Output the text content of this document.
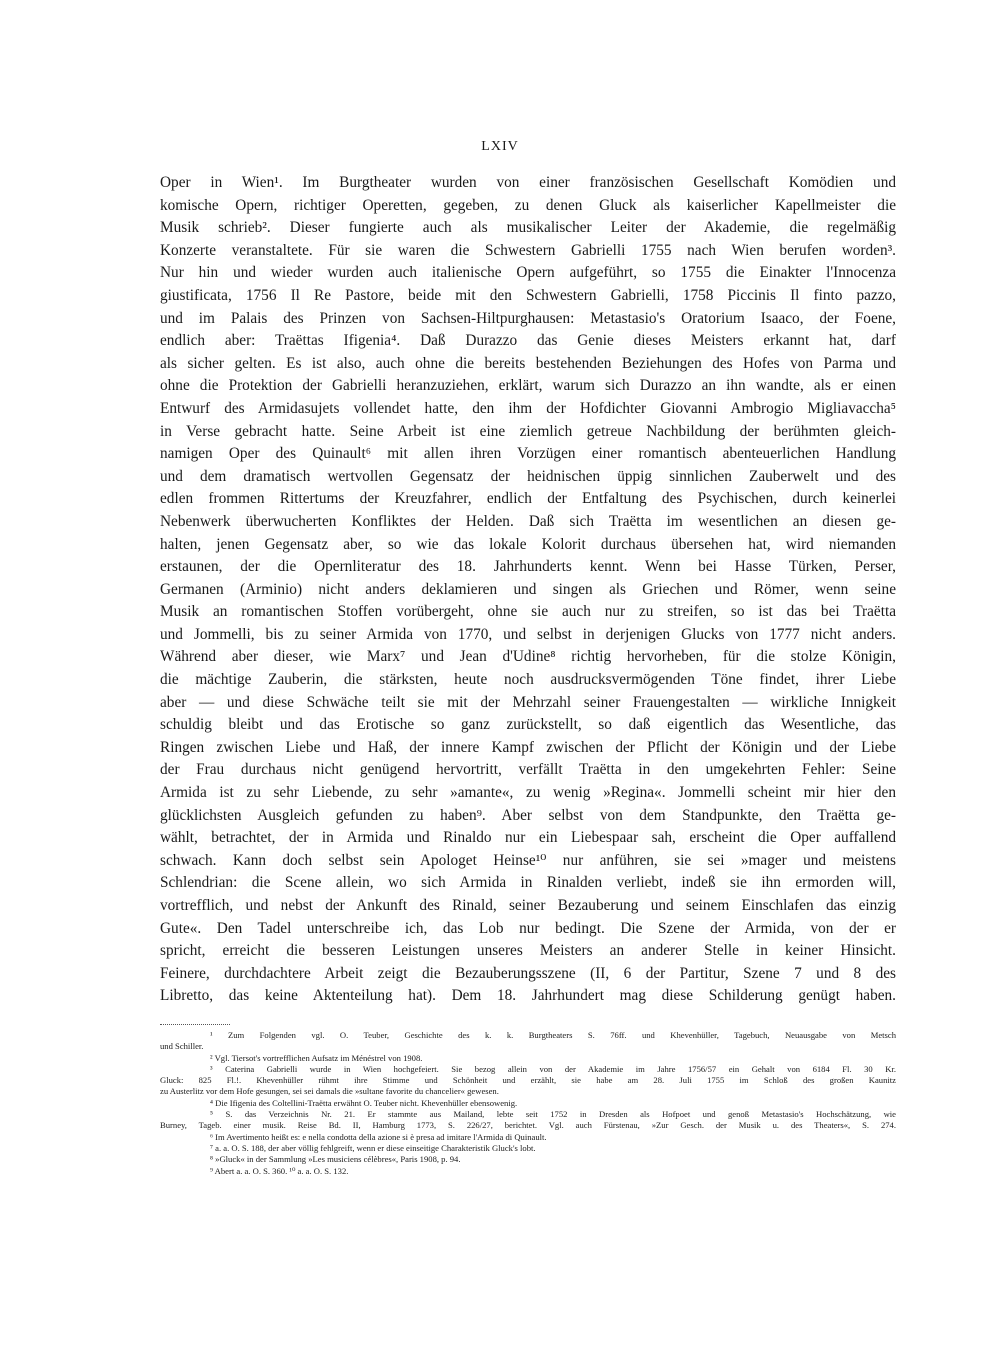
LXIV
Oper in Wien¹. Im Burgtheater wurden von einer französischen Gesellschaft Komödien und
komische Opern, richtiger Operetten, gegeben, zu denen Gluck als kaiserlicher Kapellmeister die
Musik schrieb². Dieser fungierte auch als musikalischer Leiter der Akademie, die regelmäßig
Konzerte veranstaltete. Für sie waren die Schwestern Gabrielli 1755 nach Wien berufen worden³.
Nur hin und wieder wurden auch italienische Opern aufgeführt, so 1755 die Einakter l'Innocenza
giustificata, 1756 Il Re Pastore, beide mit den Schwestern Gabrielli, 1758 Piccinis Il finto pazzo,
und im Palais des Prinzen von Sachsen-Hiltpurghausen: Metastasio's Oratorium Isaaco, der Foene,
endlich aber: Traëttas Ifigenia⁴. Daß Durazzo das Genie dieses Meisters erkannt hat, darf
als sicher gelten. Es ist also, auch ohne die bereits bestehenden Beziehungen des Hofes von Parma und
ohne die Protektion der Gabrielli heranzuziehen, erklärt, warum sich Durazzo an ihn wandte, als er einen
Entwurf des Armidasujets vollendet hatte, den ihm der Hofdichter Giovanni Ambrogio Migliavaccha⁵
in Verse gebracht hatte. Seine Arbeit ist eine ziemlich getreue Nachbildung der berühmten gleich-
namigen Oper des Quinault⁶ mit allen ihren Vorzügen einer romantisch abenteuerlichen Handlung
und dem dramatisch wertvollen Gegensatz der heidnischen üppig sinnlichen Zauberwelt und des
edlen frommen Rittertums der Kreuzfahrer, endlich der Entfaltung des Psychischen, durch keinerlei
Nebenwerk überwucherten Konfliktes der Helden. Daß sich Traëtta im wesentlichen an diesen ge-
halten, jenen Gegensatz aber, so wie das lokale Kolorit durchaus übersehen hat, wird niemanden
erstaunen, der die Opernliteratur des 18. Jahrhunderts kennt. Wenn bei Hasse Türken, Perser,
Germanen (Arminio) nicht anders deklamieren und singen als Griechen und Römer, wenn seine
Musik an romantischen Stoffen vorübergeht, ohne sie auch nur zu streifen, so ist das bei Traëtta
und Jommelli, bis zu seiner Armida von 1770, und selbst in derjenigen Glucks von 1777 nicht anders.
Während aber dieser, wie Marx⁷ und Jean d'Udine⁸ richtig hervorheben, für die stolze Königin,
die mächtige Zauberin, die stärksten, heute noch ausdrucksvermögenden Töne findet, ihrer Liebe
aber — und diese Schwäche teilt sie mit der Mehrzahl seiner Frauengestalten — wirkliche Innigkeit
schuldig bleibt und das Erotische so ganz zurückstellt, so daß eigentlich das Wesentliche, das
Ringen zwischen Liebe und Haß, der innere Kampf zwischen der Pflicht der Königin und der Liebe
der Frau durchaus nicht genügend hervortritt, verfällt Traëtta in den umgekehrten Fehler: Seine
Armida ist zu sehr Liebende, zu sehr »amante«, zu wenig »Regina«. Jommelli scheint mir hier den
glücklichsten Ausgleich gefunden zu haben⁹. Aber selbst von dem Standpunkte, den Traëtta ge-
wählt, betrachtet, der in Armida und Rinaldo nur ein Liebespaar sah, erscheint die Oper auffallend
schwach. Kann doch selbst sein Apologet Heinse¹⁰ nur anführen, sie sei »mager und meistens
Schlendrian: die Scene allein, wo sich Armida in Rinalden verliebt, indeß sie ihn ermorden will,
vortrefflich, und nebst der Ankunft des Rinald, seiner Bezauberung und seinem Einschlafen das einzig
Gute«. Den Tadel unterschreibe ich, das Lob nur bedingt. Die Szene der Armida, von der er
spricht, erreicht die besseren Leistungen unseres Meisters an anderer Stelle in keiner Hinsicht.
Feinere, durchdachtere Arbeit zeigt die Bezauberungsszene (II, 6 der Partitur, Szene 7 und 8 des
Libretto, das keine Aktenteilung hat). Dem 18. Jahrhundert mag diese Schilderung genügt haben.
¹ Zum Folgenden vgl. O. Teuber, Geschichte des k. k. Burgtheaters S. 76ff. und Khevenhüller, Tagebuch, Neuausgabe von Metsch
und Schiller.
² Vgl. Tiersot's vortrefflichen Aufsatz im Ménéstrel von 1908.
³ Caterina Gabrielli wurde in Wien hochgefeiert. Sie bezog allein von der Akademie im Jahre 1756/57 ein Gehalt von 6184 Fl. 30 Kr.
Gluck: 825 Fl.!. Khevenhüller rühmt ihre Stimme und Schönheit und erzählt, sie habe am 28. Juli 1755 im Schloß des großen Kaunitz
zu Austerlitz vor dem Hofe gesungen, sei sei damals die »sultane favorite du chancelier« gewesen.
⁴ Die Ifigenia des Coltellini-Traëtta erwähnt O. Teuber nicht. Khevenhüller ebensowenig.
⁵ S. das Verzeichnis Nr. 21. Er stammte aus Mailand, lebte seit 1752 in Dresden als Hofpoet und genoß Metastasio's Hochschätzung, wie
Burney, Tageb. einer musik. Reise Bd. II, Hamburg 1773, S. 226/27, berichtet. Vgl. auch Fürstenau, »Zur Gesch. der Musik u. des Theaters«, S. 274.
⁶ Im Avertimento heißt es: e nella condotta della azione si è presa ad imitare l'Armida di Quinault.
⁷ a. a. O. S. 188, der aber völlig fehlgreift, wenn er diese einseitige Charakteristik Gluck's lobt.
⁸ »Gluck« in der Sammlung »Les musiciens célèbres«, Paris 1908, p. 94.
⁹ Abert a. a. O. S. 360. ¹⁰ a. a. O. S. 132.
